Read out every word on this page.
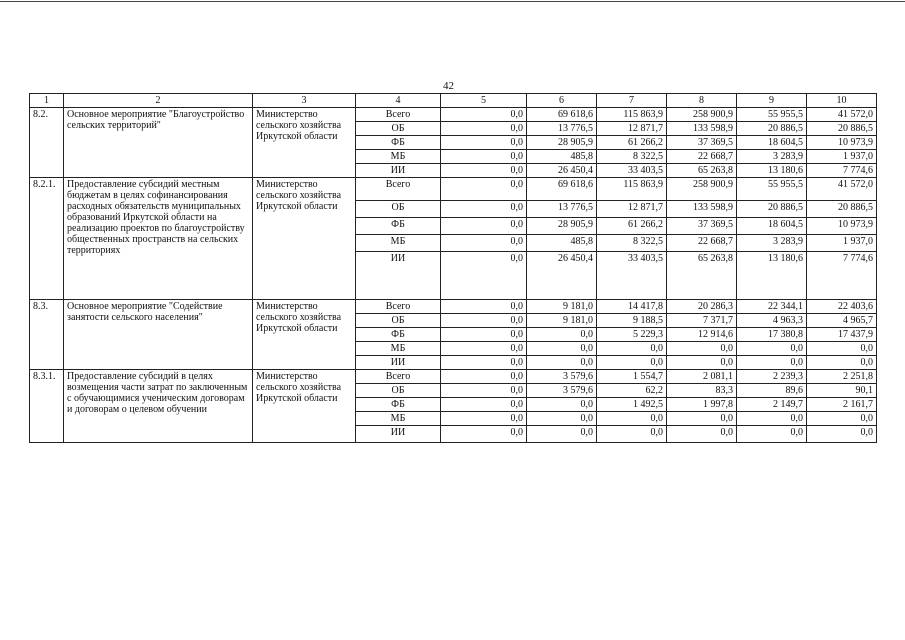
42
1	2	3	4	5	6	7	8	9	10
8.2.	Основное мероприятие "Благоустройство сельских территорий"	Министерство сельского хозяйства Иркутской области	Всего	0,0	69 618,6	115 863,9	258 900,9	55 955,5	41 572,0
			ОБ	0,0	13 776,5	12 871,7	133 598,9	20 886,5	20 886,5
			ФБ	0,0	28 905,9	61 266,2	37 369,5	18 604,5	10 973,9
			МБ	0,0	485,8	8 322,5	22 668,7	3 283,9	1 937,0
			ИИ	0,0	26 450,4	33 403,5	65 263,8	13 180,6	7 774,6
8.2.1.	Предоставление субсидий местным бюджетам в целях софинансирования расходных обязательств муниципальных образований Иркутской области на реализацию проектов по благоустройству общественных пространств на сельских территориях	Министерство сельского хозяйства Иркутской области	Всего	0,0	69 618,6	115 863,9	258 900,9	55 955,5	41 572,0
			ОБ	0,0	13 776,5	12 871,7	133 598,9	20 886,5	20 886,5
			ФБ	0,0	28 905,9	61 266,2	37 369,5	18 604,5	10 973,9
			МБ	0,0	485,8	8 322,5	22 668,7	3 283,9	1 937,0
			ИИ	0,0	26 450,4	33 403,5	65 263,8	13 180,6	7 774,6
8.3.	Основное мероприятие "Содействие занятости сельского населения"	Министерство сельского хозяйства Иркутской области	Всего	0,0	9 181,0	14 417,8	20 286,3	22 344,1	22 403,6
			ОБ	0,0	9 181,0	9 188,5	7 371,7	4 963,3	4 965,7
			ФБ	0,0	0,0	5 229,3	12 914,6	17 380,8	17 437,9
			МБ	0,0	0,0	0,0	0,0	0,0	0,0
			ИИ	0,0	0,0	0,0	0,0	0,0	0,0
8.3.1.	Предоставление субсидий в целях возмещения части затрат по заключенным с обучающимися ученическим договорам и договорам о целевом обучении	Министерство сельского хозяйства Иркутской области	Всего	0,0	3 579,6	1 554,7	2 081,1	2 239,3	2 251,8
			ОБ	0,0	3 579,6	62,2	83,3	89,6	90,1
			ФБ	0,0	0,0	1 492,5	1 997,8	2 149,7	2 161,7
			МБ	0,0	0,0	0,0	0,0	0,0	0,0
			ИИ	0,0	0,0	0,0	0,0	0,0	0,0
